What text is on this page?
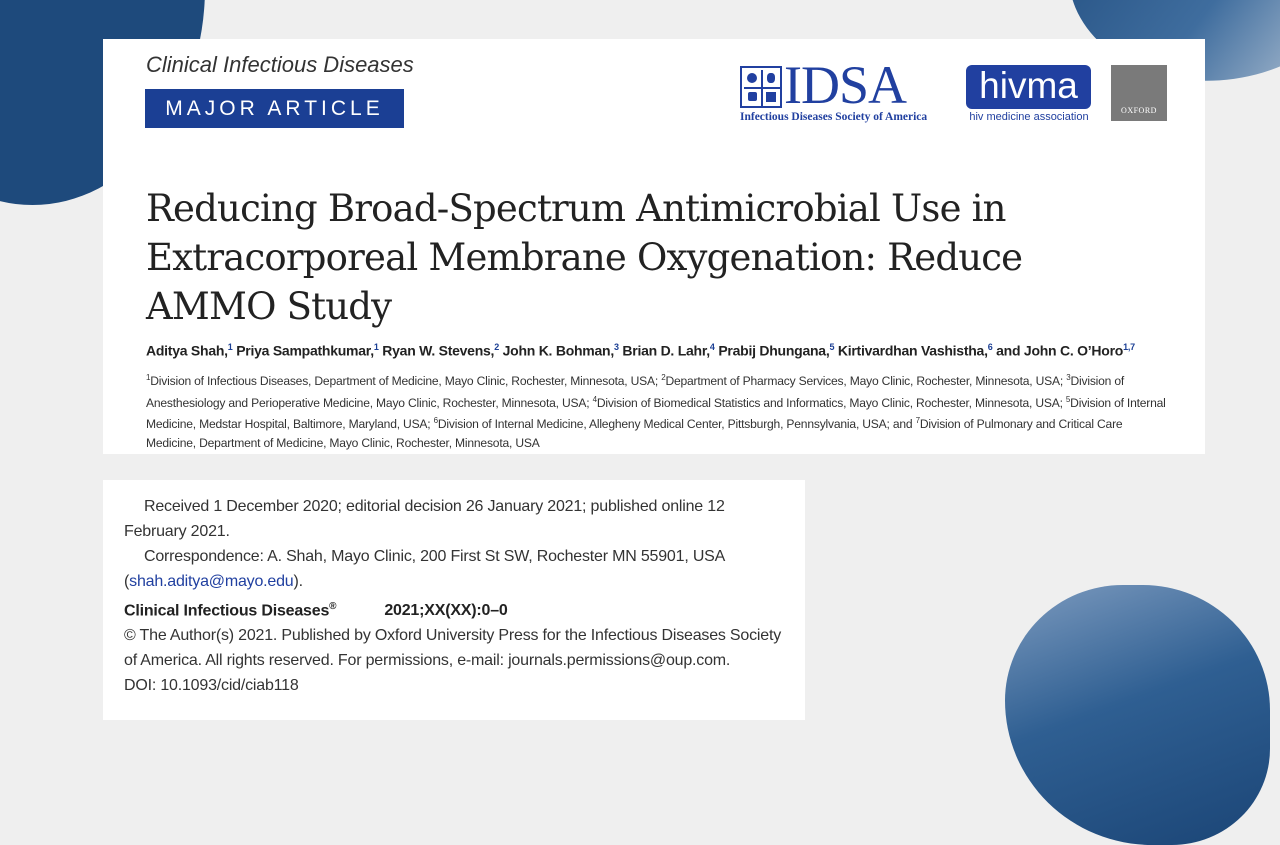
Clinical Infectious Diseases
MAJOR ARTICLE	IDSA
Infectious Diseases Society of America
hivma
hiv medicine association
OXFORD
Reducing Broad-Spectrum Antimicrobial Use in
Extracorporeal Membrane Oxygenation: Reduce
AMMO Study
Aditya Shah,$^1$ Priya Sampathkumar,$^1$ Ryan W. Stevens,$^2$ John K. Bohman,$^3$ Brian D. Lahr,$^4$ Prabij Dhungana,$^5$ Kirtivardhan Vashistha,$^6$ and John C. O’Horo$^{1,7}$
$^1$Division of Infectious Diseases, Department of Medicine, Mayo Clinic, Rochester, Minnesota, USA; $^2$Department of Pharmacy Services, Mayo Clinic, Rochester, Minnesota, USA; $^3$Division of Anesthesiology and Perioperative Medicine, Mayo Clinic, Rochester, Minnesota, USA; $^4$Division of Biomedical Statistics and Informatics, Mayo Clinic, Rochester, Minnesota, USA; $^5$Division of Internal Medicine, Medstar Hospital, Baltimore, Maryland, USA; $^6$Division of Internal Medicine, Allegheny Medical Center, Pittsburgh, Pennsylvania, USA; and $^7$Division of Pulmonary and Critical Care Medicine, Department of Medicine, Mayo Clinic, Rochester, Minnesota, USA

Received 1 December 2020; editorial decision 26 January 2021; published online 12 February 2021.

Correspondence: A. Shah, Mayo Clinic, 200 First St SW, Rochester MN 55901, USA (shah.aditya@mayo.edu).

Clinical Infectious Diseases®	2021;XX(XX):0–0

© The Author(s) 2021. Published by Oxford University Press for the Infectious Diseases Society of America. All rights reserved. For permissions, e-mail: journals.permissions@oup.com.

DOI: 10.1093/cid/ciab118
